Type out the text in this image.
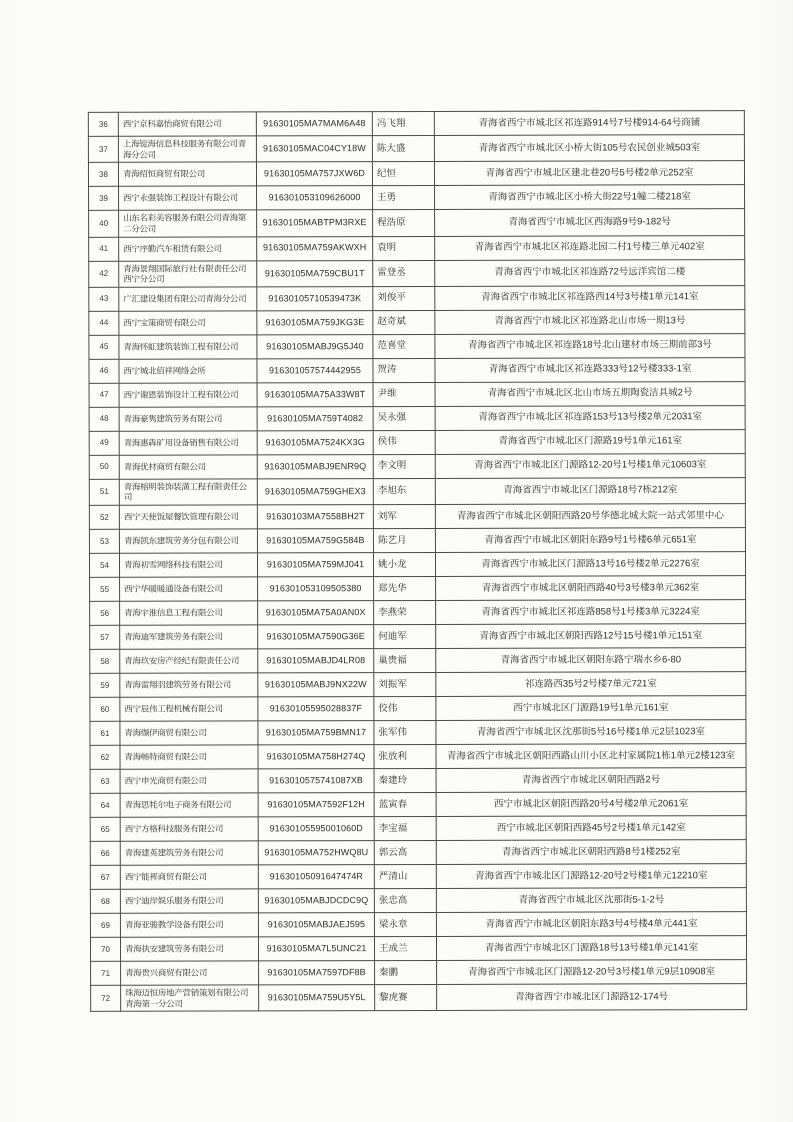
36	西宁京科嘉怡商贸有限公司	91630105MA7MAM6A48	冯飞翔	青海省西宁市城北区祁连路914号7号楼914-64号商铺
37	上海锭海信息科技服务有限公司青海分公司	91630105MAC04CY18W	陈大盛	青海省西宁市城北区小桥大街105号农民创业城503室
38	青海绍恒商贸有限公司	91630105MA757JXW6D	纪恒	青海省西宁市城北区建北巷20号5号楼2单元252室
39	西宁永强装饰工程设计有限公司	916301053109626000	王勇	青海省西宁市城北区小桥大街22号1幢二楼218室
40	山东名彩美容服务有限公司青海第二分公司	91630105MABTPM3RXE	程浩原	青海省西宁市城北区西海路9号9-182号
41	西宁序勤汽车租赁有限公司	91630105MA759AKWXH	袁明	青海省西宁市城北区祁连路北园二村1号楼三单元402室
42	青海景翔国际旅行社有限责任公司西宁分公司	91630105MA759CBU1T	雷登丞	青海省西宁市城北区祁连路72号远洋宾馆二楼
43	广汇建设集团有限公司青海分公司	91630105710539473K	刘俊平	青海省西宁市城北区祁连路西14号3号楼1单元141室
44	西宁宝策商贸有限公司	91630105MA759JKG3E	赵奇斌	青海省西宁市城北区祁连路北山市场一期13号
45	青海怀虹建筑装饰工程有限公司	91630105MABJ9G5J40	范喜堂	青海省西宁市城北区祁连路18号北山建材市场三期前部3号
46	西宁城北佰祥网络会所	916301057574442955	贺涛	青海省西宁市城北区祁连路333号12号楼333-1室
47	西宁谢恩装饰设计工程有限公司	91630105MA75A33W8T	尹维	青海省西宁市城北区北山市场五期陶瓷洁具城2号
48	青海豪隽建筑劳务有限公司	91630105MA759T4082	吴永强	青海省西宁市城北区祁连路153号13号楼2单元2031室
49	青海惠犇矿用设备销售有限公司	91630105MA7524KX3G	侯伟	青海省西宁市城北区门源路19号1单元161室
50	青海优材商贸有限公司	91630105MABJ9ENR9Q	李文明	青海省西宁市城北区门源路12-20号1号楼1单元10603室
51	青海榕明装饰装潢工程有限责任公司	91630105MA759GHEX3	李旭东	青海省西宁市城北区门源路18号7栋212室
52	西宁天使饭屋餐饮管理有限公司	91630103MA7558BH2T	刘军	青海省西宁市城北区朝阳西路20号华德北城大院一站式邻里中心
53	青海凯东建筑劳务分包有限公司	91630105MA759G584B	陈艺月	青海省西宁市城北区朝阳东路9号1号楼6单元651室
54	青海初雪网络科技有限公司	91630105MA759MJ041	姚小龙	青海省西宁市城北区门源路13号16号楼2单元2276室
55	西宁华暖暖通设备有限公司	916301053109505380	郑先华	青海省西宁市城北区朝阳西路40号3号楼3单元362室
56	青海宇淮信息工程有限公司	91630105MA75A0AN0X	李燕荣	青海省西宁市城北区祁连路858号1号楼3单元3224室
57	青海迪军建筑劳务有限公司	91630105MA7590G36E	何迪军	青海省西宁市城北区朝阳西路12号15号楼1单元151室
58	青海玖安房产经纪有限责任公司	91630105MABJD4LR08	巢贵福	青海省西宁市城北区朝阳东路宁瑞水乡6-80
59	青海雷翔羽建筑劳务有限公司	91630105MABJ9NX22W	刘振军	祁连路西35号2号楼7单元721室
60	西宁辰伟工程机械有限公司	91630105595028837F	佼伟	西宁市城北区门源路19号1单元161室
61	青海缬伊商贸有限公司	91630105MA759BMN17	张军伟	青海省西宁市城北区沈那街5号16号楼1单元2层1023室
62	青海畅特商贸有限公司	91630105MA758H274Q	张放利	青海省西宁市城北区朝阳西路山川小区北村家属院1栋1单元2楼123室
63	西宁申光商贸有限公司	9163010575741087XB	秦建玲	青海省西宁市城北区朝阳西路2号
64	青海思牦尔电子商务有限公司	91630105MA7592F12H	蓝寅春	西宁市城北区朝阳西路20号4号楼2单元2061室
65	西宁方格科技服务有限公司	91630105595001060D	李宝福	西宁市城北区朝阳西路45号2号楼1单元142室
66	青海建英建筑劳务有限公司	91630105MA752HWQ8U	郭云高	青海省西宁市城北区朝阳西路8号1楼252室
67	西宁能裈商贸有限公司	91630105091647474R	严清山	青海省西宁市城北区门源路12-20号2号楼1单元12210室
68	西宁迪岸娱乐服务有限公司	91630105MABJDCDC9Q	张忠高	青海省西宁市城北区沈那街5-1-2号
69	青海亚骏教学设备有限公司	91630105MABJAEJ595	梁永章	青海省西宁市城北区朝阳东路3号4号楼4单元441室
70	青海执安建筑劳务有限公司	91630105MA7L5UNC21	王成兰	青海省西宁市城北区门源路18号13号楼1单元141室
71	青海贵兴商贸有限公司	91630105MA7597DF8B	秦鹏	青海省西宁市城北区门源路12-20号3号楼1单元9层10908室
72	珠海迈恒房地产营销策划有限公司青海第一分公司	91630105MA759U5Y5L	黎虎赛	青海省西宁市城北区门源路12-174号
